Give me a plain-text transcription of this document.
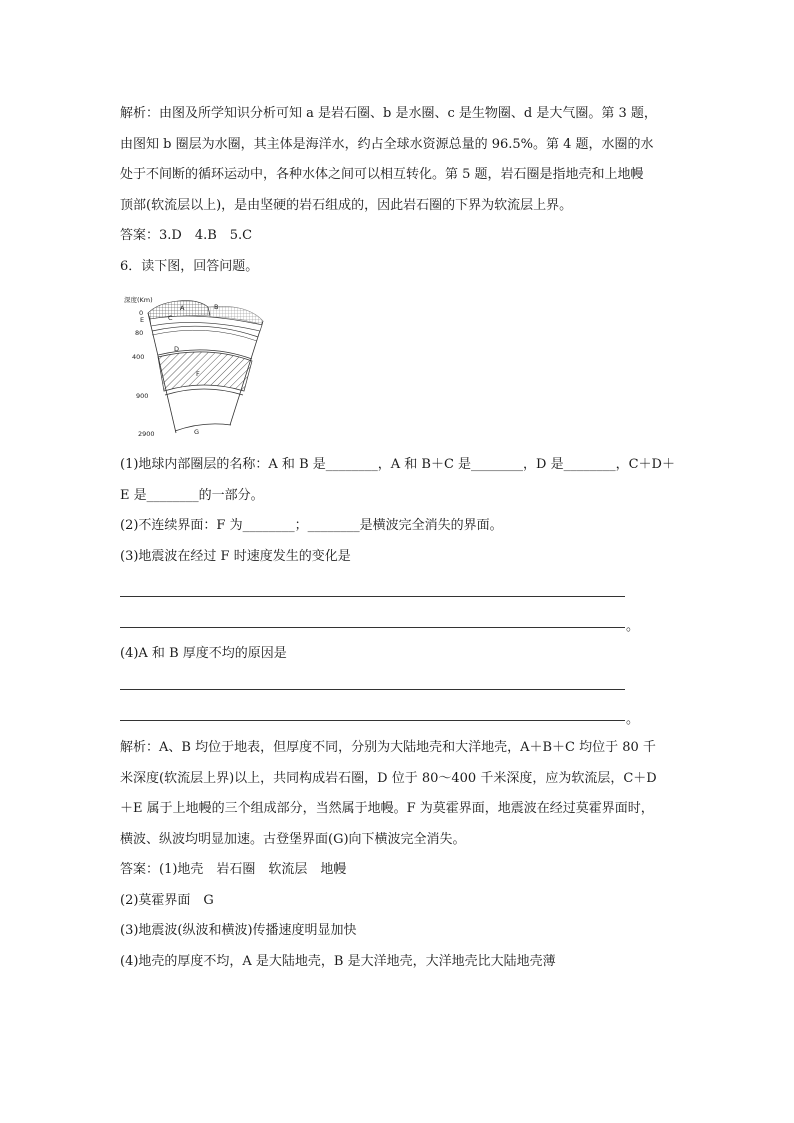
解析：由图及所学知识分析可知 a 是岩石圈、b 是水圈、c 是生物圈、d 是大气圈。第 3 题，
由图知 b 圈层为水圈，其主体是海洋水，约占全球水资源总量的 96.5%。第 4 题，水圈的水
处于不间断的循环运动中，各种水体之间可以相互转化。第 5 题，岩石圈是指地壳和上地幔
顶部(软流层以上)，是由坚硬的岩石组成的，因此岩石圈的下界为软流层上界。
答案：3.D　4.B　5.C
6．读下图，回答问题。
深度(Km)
0
80
400
900
2900
A	B
C
D
E
F
G
(1)地球内部圈层的名称：A 和 B 是________，A 和 B＋C 是________，D 是________，C＋D＋
E 是________的一部分。
(2)不连续界面：F 为________；________是横波完全消失的界面。
(3)地震波在经过 F 时速度发生的变化是
。
(4)A 和 B 厚度不均的原因是
。
解析：A、B 均位于地表，但厚度不同，分别为大陆地壳和大洋地壳，A＋B＋C 均位于 80 千
米深度(软流层上界)以上，共同构成岩石圈，D 位于 80～400 千米深度，应为软流层，C＋D
＋E 属于上地幔的三个组成部分，当然属于地幔。F 为莫霍界面，地震波在经过莫霍界面时，
横波、纵波均明显加速。古登堡界面(G)向下横波完全消失。
答案：(1)地壳　岩石圈　软流层　地幔
(2)莫霍界面　G
(3)地震波(纵波和横波)传播速度明显加快
(4)地壳的厚度不均，A 是大陆地壳，B 是大洋地壳，大洋地壳比大陆地壳薄
